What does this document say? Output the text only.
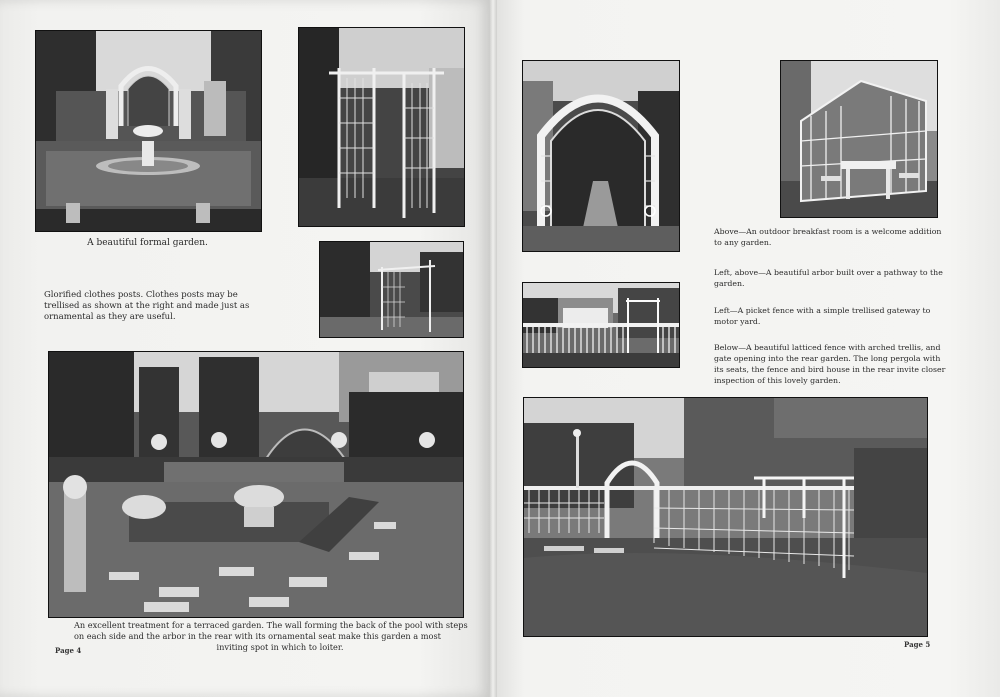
A beautiful formal garden.
Glorified clothes posts. Clothes posts may be
trellised as shown at the right and made just as
ornamental as they are useful.
An excellent treatment for a terraced garden. The wall forming the back of the pool with steps
on each side and the arbor in the rear with its ornamental seat make this garden a most
inviting spot in which to loiter.
Page 4
Above—An outdoor breakfast room is a welcome addition
to any garden.
Left, above—A beautiful arbor built over a pathway to the
garden.
Left—A picket fence with a simple trellised gateway to
motor yard.
Below—A beautiful latticed fence with arched trellis, and
gate opening into the rear garden. The long pergola with
its seats, the fence and bird house in the rear invite closer
inspection of this lovely garden.
Page 5
